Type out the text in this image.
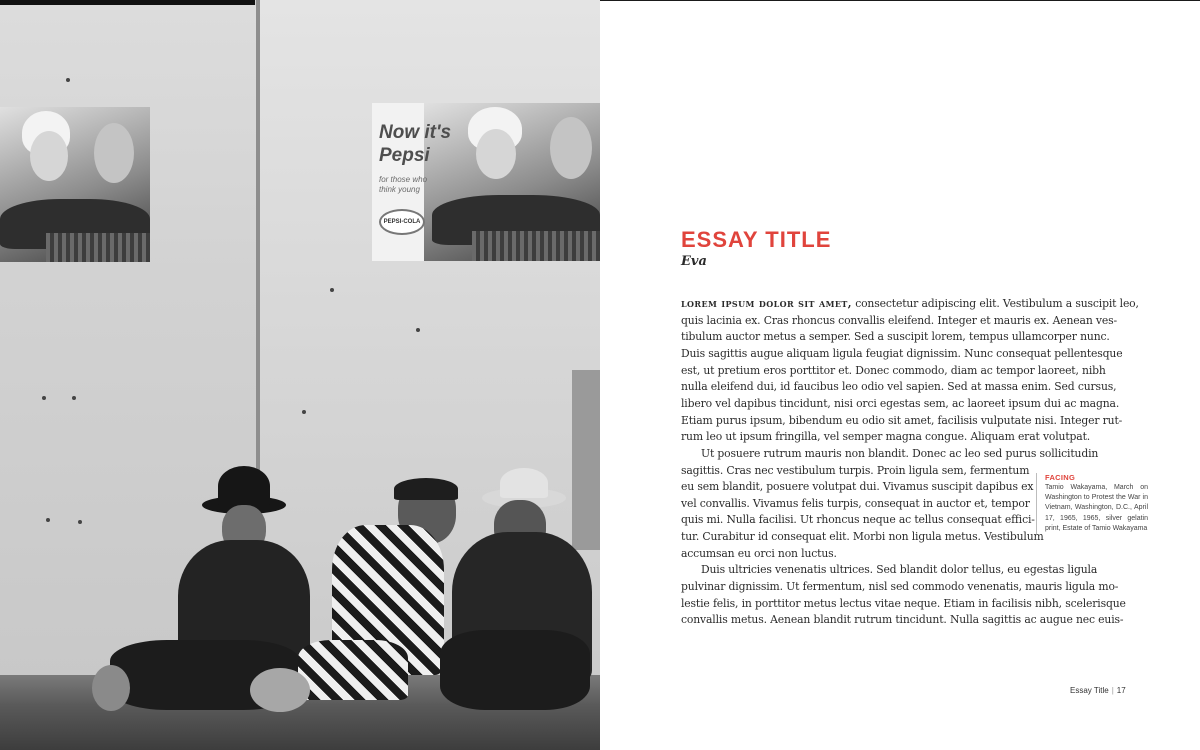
Now it's
Pepsi
for those who think young
PEPSI-COLA
ESSAY TITLE

Eva

lorem ipsum dolor sit amet, consectetur adipiscing elit. Vestibulum a suscipit leo,
quis lacinia ex. Cras rhoncus convallis eleifend. Integer et mauris ex. Aenean ves-
tibulum auctor metus a semper. Sed a suscipit lorem, tempus ullamcorper nunc.
Duis sagittis augue aliquam ligula feugiat dignissim. Nunc consequat pellentesque
est, ut pretium eros porttitor et. Donec commodo, diam ac tempor laoreet, nibh
nulla eleifend dui, id faucibus leo odio vel sapien. Sed at massa enim. Sed cursus,
libero vel dapibus tincidunt, nisi orci egestas sem, ac laoreet ipsum dui ac magna.
Etiam purus ipsum, bibendum eu odio sit amet, facilisis vulputate nisi. Integer rut-
rum leo ut ipsum fringilla, vel semper magna congue. Aliquam erat volutpat.
Ut posuere rutrum mauris non blandit. Donec ac leo sed purus sollicitudin
sagittis. Cras nec vestibulum turpis. Proin ligula sem, fermentum
eu sem blandit, posuere volutpat dui. Vivamus suscipit dapibus ex
vel convallis. Vivamus felis turpis, consequat in auctor et, tempor
quis mi. Nulla facilisi. Ut rhoncus neque ac tellus consequat effici-
tur. Curabitur id consequat elit. Morbi non ligula metus. Vestibulum
accumsan eu orci non luctus.
Duis ultricies venenatis ultrices. Sed blandit dolor tellus, eu egestas ligula
pulvinar dignissim. Ut fermentum, nisl sed commodo venenatis, mauris ligula mo-
lestie felis, in porttitor metus lectus vitae neque. Etiam in facilisis nibh, scelerisque
convallis metus. Aenean blandit rutrum tincidunt. Nulla sagittis ac augue nec euis-
FACING
Tamio Wakayama, March on Washington to Protest the War in Vietnam, Washington, D.C., April 17, 1965, 1965, silver gelatin print, Estate of Tamio Wakayama
Essay Title | 17
